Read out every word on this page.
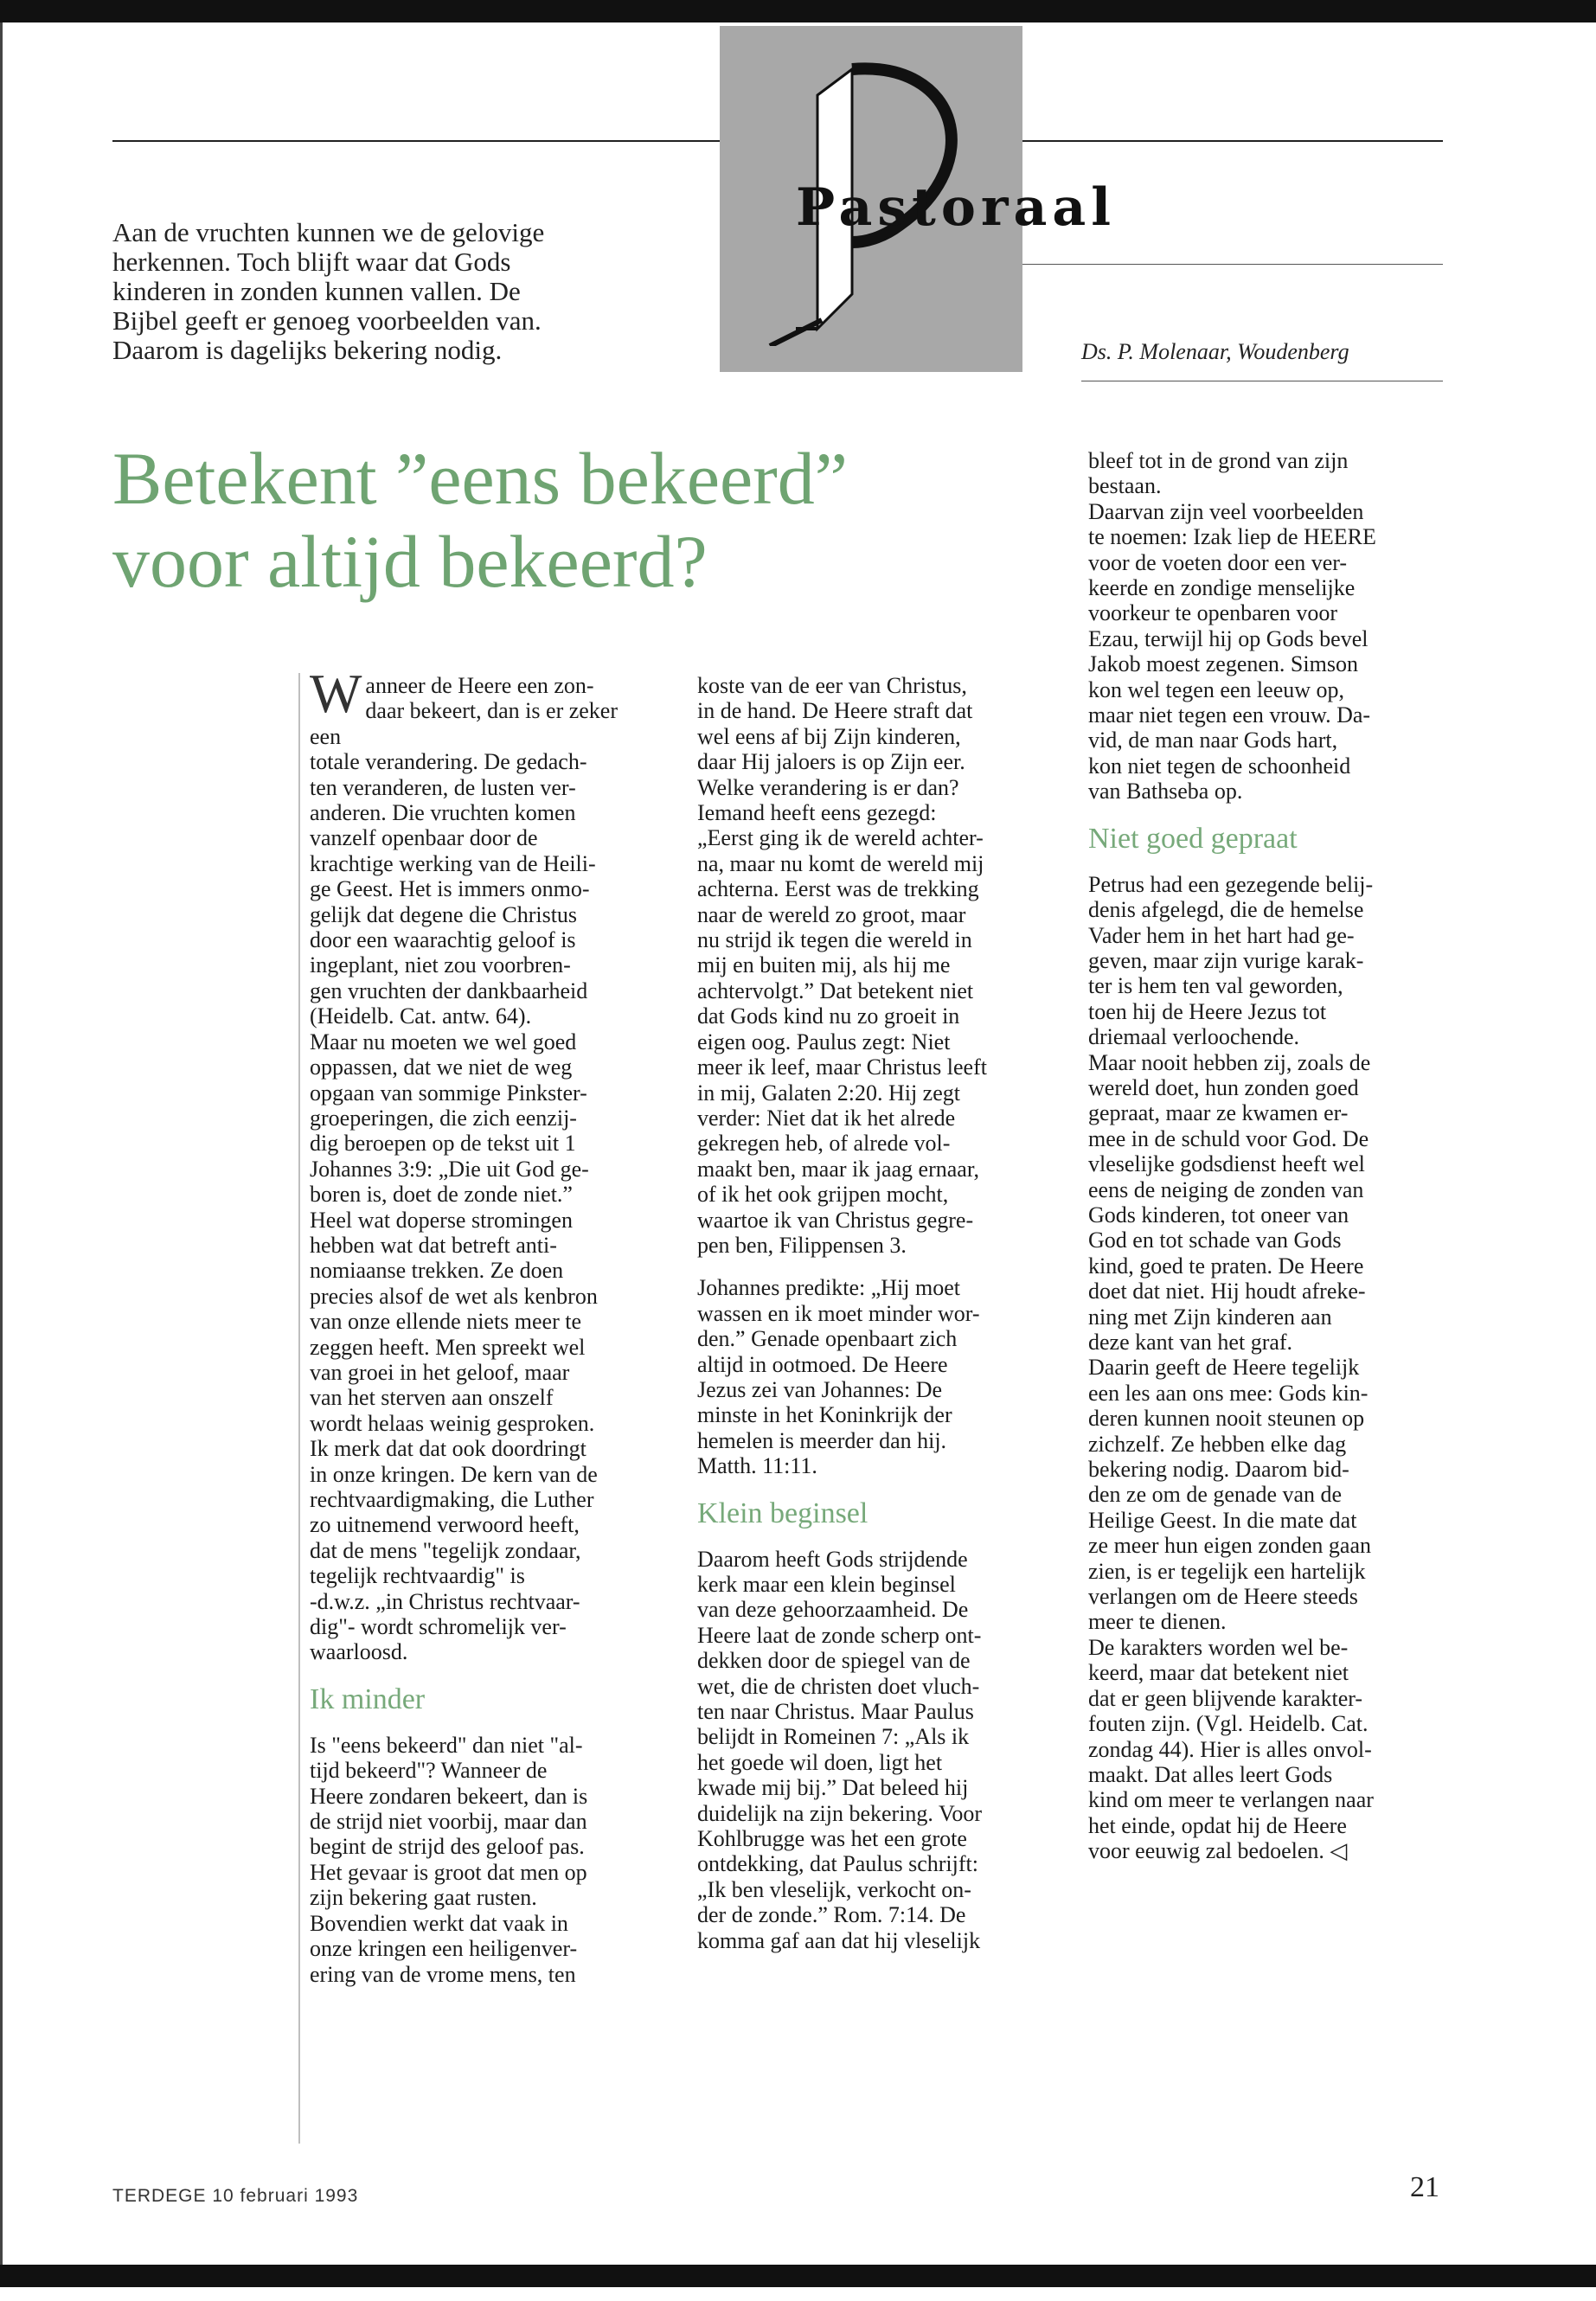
Aan de vruchten kunnen we de gelovige

herkennen. Toch blijft waar dat Gods

kinderen in zonden kunnen vallen. De

Bijbel geeft er genoeg voorbeelden van.

Daarom is dagelijks bekering nodig.

Pastoraal
Ds. P. Molenaar, Woudenberg
Betekent ”eens bekeerd”
voor altijd bekeerd?

Wanneer de Heere een zon-

daar bekeert, dan is er zeker een

totale verandering. De gedach-

ten veranderen, de lusten ver-

anderen. Die vruchten komen

vanzelf openbaar door de

krachtige werking van de Heili-

ge Geest. Het is immers onmo-

gelijk dat degene die Christus

door een waarachtig geloof is

ingeplant, niet zou voorbren-

gen vruchten der dankbaarheid

(Heidelb. Cat. antw. 64).

Maar nu moeten we wel goed

oppassen, dat we niet de weg

opgaan van sommige Pinkster-

groeperingen, die zich eenzij-

dig beroepen op de tekst uit 1

Johannes 3:9: „Die uit God ge-

boren is, doet de zonde niet.”

Heel wat doperse stromingen

hebben wat dat betreft anti-

nomiaanse trekken. Ze doen

precies alsof de wet als kenbron

van onze ellende niets meer te

zeggen heeft. Men spreekt wel

van groei in het geloof, maar

van het sterven aan onszelf

wordt helaas weinig gesproken.

Ik merk dat dat ook doordringt

in onze kringen. De kern van de

rechtvaardigmaking, die Luther

zo uitnemend verwoord heeft,

dat de mens "tegelijk zondaar,

tegelijk rechtvaardig" is

-d.w.z. „in Christus rechtvaar-

dig"- wordt schromelijk ver-

waarloosd.

Ik minder

Is "eens bekeerd" dan niet "al-

tijd bekeerd"? Wanneer de

Heere zondaren bekeert, dan is

de strijd niet voorbij, maar dan

begint de strijd des geloof pas.

Het gevaar is groot dat men op

zijn bekering gaat rusten.

Bovendien werkt dat vaak in

onze kringen een heiligenver-

ering van de vrome mens, ten

koste van de eer van Christus,

in de hand. De Heere straft dat

wel eens af bij Zijn kinderen,

daar Hij jaloers is op Zijn eer.

Welke verandering is er dan?

Iemand heeft eens gezegd:

„Eerst ging ik de wereld achter-

na, maar nu komt de wereld mij

achterna. Eerst was de trekking

naar de wereld zo groot, maar

nu strijd ik tegen die wereld in

mij en buiten mij, als hij me

achtervolgt.” Dat betekent niet

dat Gods kind nu zo groeit in

eigen oog. Paulus zegt: Niet

meer ik leef, maar Christus leeft

in mij, Galaten 2:20. Hij zegt

verder: Niet dat ik het alrede

gekregen heb, of alrede vol-

maakt ben, maar ik jaag ernaar,

of ik het ook grijpen mocht,

waartoe ik van Christus gegre-

pen ben, Filippensen 3.

Johannes predikte: „Hij moet

wassen en ik moet minder wor-

den.” Genade openbaart zich

altijd in ootmoed. De Heere

Jezus zei van Johannes: De

minste in het Koninkrijk der

hemelen is meerder dan hij.

Matth. 11:11.

Klein beginsel

Daarom heeft Gods strijdende

kerk maar een klein beginsel

van deze gehoorzaamheid. De

Heere laat de zonde scherp ont-

dekken door de spiegel van de

wet, die de christen doet vluch-

ten naar Christus. Maar Paulus

belijdt in Romeinen 7: „Als ik

het goede wil doen, ligt het

kwade mij bij.” Dat beleed hij

duidelijk na zijn bekering. Voor

Kohlbrugge was het een grote

ontdekking, dat Paulus schrijft:

„Ik ben vleselijk, verkocht on-

der de zonde.” Rom. 7:14. De

komma gaf aan dat hij vleselijk

bleef tot in de grond van zijn

bestaan.

Daarvan zijn veel voorbeelden

te noemen: Izak liep de HEERE

voor de voeten door een ver-

keerde en zondige menselijke

voorkeur te openbaren voor

Ezau, terwijl hij op Gods bevel

Jakob moest zegenen. Simson

kon wel tegen een leeuw op,

maar niet tegen een vrouw. Da-

vid, de man naar Gods hart,

kon niet tegen de schoonheid

van Bathseba op.

Niet goed gepraat

Petrus had een gezegende belij-

denis afgelegd, die de hemelse

Vader hem in het hart had ge-

geven, maar zijn vurige karak-

ter is hem ten val geworden,

toen hij de Heere Jezus tot

driemaal verloochende.

Maar nooit hebben zij, zoals de

wereld doet, hun zonden goed

gepraat, maar ze kwamen er-

mee in de schuld voor God. De

vleselijke godsdienst heeft wel

eens de neiging de zonden van

Gods kinderen, tot oneer van

God en tot schade van Gods

kind, goed te praten. De Heere

doet dat niet. Hij houdt afreke-

ning met Zijn kinderen aan

deze kant van het graf.

Daarin geeft de Heere tegelijk

een les aan ons mee: Gods kin-

deren kunnen nooit steunen op

zichzelf. Ze hebben elke dag

bekering nodig. Daarom bid-

den ze om de genade van de

Heilige Geest. In die mate dat

ze meer hun eigen zonden gaan

zien, is er tegelijk een hartelijk

verlangen om de Heere steeds

meer te dienen.

De karakters worden wel be-

keerd, maar dat betekent niet

dat er geen blijvende karakter-

fouten zijn. (Vgl. Heidelb. Cat.

zondag 44). Hier is alles onvol-

maakt. Dat alles leert Gods

kind om meer te verlangen naar

het einde, opdat hij de Heere

voor eeuwig zal bedoelen. ◁

TERDEGE 10 februari 1993	21
